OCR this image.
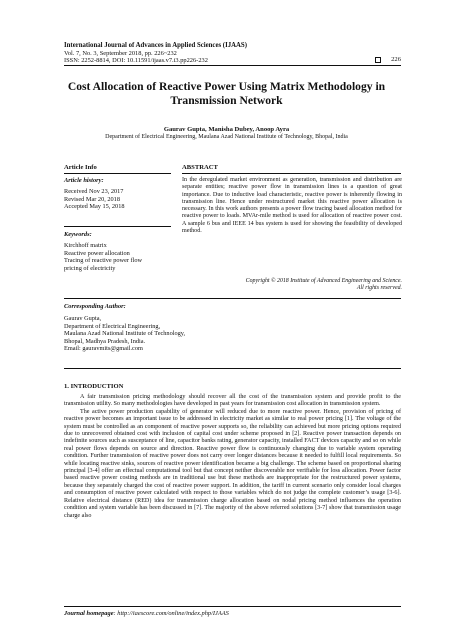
International Journal of Advances in Applied Sciences (IJAAS)
Vol. 7, No. 3, September 2018, pp. 226~232
ISSN: 2252-8814, DOI: 10.11591/ijaas.v7.i3.pp226-232	226
Cost Allocation of Reactive Power Using Matrix Methodology in
Transmission Network
Gaurav Gupta, Manisha Dubey, Anoop Ayra
Department of Electrical Engineering, Maulana Azad National Institute of Technology, Bhopal, India
Article Info
Article history:
Received Nov 23, 2017
Revised Mar 20, 2018
Accepted May 15, 2018
Keywords:
Kirchhoff matrix
Reactive power allocation
Tracing of reactive power flow
pricing of electricity
ABSTRACT
In the deregulated market environment as generation, transmission and distribution are separate entities; reactive power flow in transmission lines is a question of great importance. Due to inductive load characteristic, reactive power is inherently flowing in transmission line. Hence under restructured market this reactive power allocation is necessary. In this work authors presents a power flow tracing based allocation method for reactive power to loads. MVAr-mile method is used for allocation of reactive power cost. A sample 6 bus and IEEE 14 bus system is used for showing the feasibility of developed method.
Copyright © 2018 Institute of Advanced Engineering and Science.
All rights reserved.
Corresponding Author:
Gaurav Gupta,
Department of Electrical Engineering,
Maulana Azad National Institute of Technology,
Bhopal, Madhya Pradesh, India.
Email: gauravmits@gmail.com
1. INTRODUCTION

A fair transmission pricing methodology should recover all the cost of the transmission system and provide profit to the transmission utility. So many methodologies have developed in past years for transmission cost allocation in transmission system.

The active power production capability of generator will reduced due to more reactive power. Hence, provision of pricing of reactive power becomes an important issue to be addressed in electricity market as similar to real power pricing [1]. The voltage of the system must be controlled as an component of reactive power supports so, the reliability can achieved but more pricing options required due to unrecovered obtained cost with inclusion of capital cost under scheme proposed in [2]. Reactive power transaction depends on indefinite sources such as susceptance of line, capacitor banks rating, generator capacity, installed FACT devices capacity and so on while real power flows depends on source and direction. Reactive power flow is continuously changing due to variable system operating condition. Further transmission of reactive power does not carry over longer distances because it needed to fulfill local requirements. So while locating reactive sinks, sources of reactive power identification became a big challenge. The scheme based on proportional sharing principal [3-4] offer an effectual computational tool but that concept neither discoverable nor verifiable for loss allocation. Power factor based reactive power costing methods are in traditional use but these methods are inappropriate for the restructured power systems, because they separately charged the cost of reactive power support. In addition, the tariff in current scenario only consider local charges and consumption of reactive power calculated with respect to those variables which do not judge the complete customer’s usage [3-6]. Relative electrical distance (RED) idea for transmission charge allocation based on nodal pricing method influences the operation condition and system variable has been discussed in [7]. The majority of the above referred solutions [3-7] show that transmission usage charge also

Journal homepage: http://iaescore.com/online/index.php/IJAAS
